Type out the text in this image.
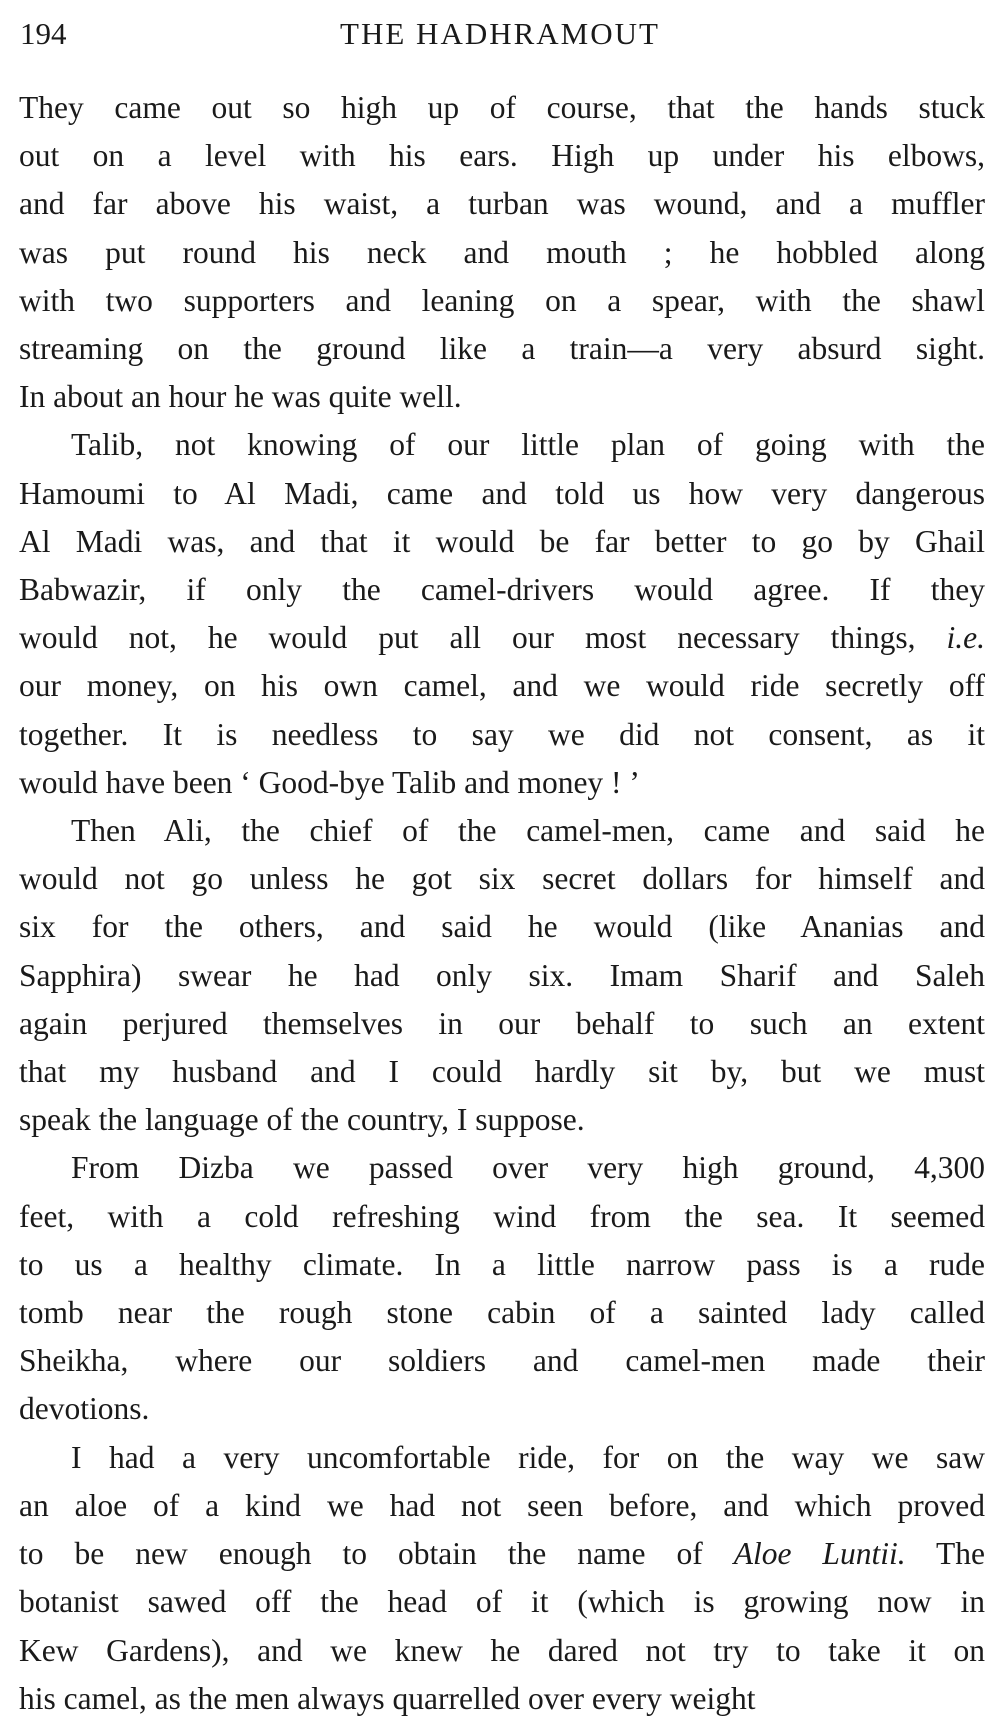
194	THE HADHRAMOUT
They came out so high up of course, that the hands stuck
out on a level with his ears. High up under his elbows,
and far above his waist, a turban was wound, and a muffler
was put round his neck and mouth ; he hobbled along
with two supporters and leaning on a spear, with the shawl
streaming on the ground like a train—a very absurd sight.
In about an hour he was quite well.
Talib, not knowing of our little plan of going with the
Hamoumi to Al Madi, came and told us how very dangerous
Al Madi was, and that it would be far better to go by Ghail
Babwazir, if only the camel-drivers would agree. If they
would not, he would put all our most necessary things, i.e.
our money, on his own camel, and we would ride secretly off
together. It is needless to say we did not consent, as it
would have been ‘ Good-bye Talib and money ! ’
Then Ali, the chief of the camel-men, came and said he
would not go unless he got six secret dollars for himself and
six for the others, and said he would (like Ananias and
Sapphira) swear he had only six. Imam Sharif and Saleh
again perjured themselves in our behalf to such an extent
that my husband and I could hardly sit by, but we must
speak the language of the country, I suppose.
From Dizba we passed over very high ground, 4,300
feet, with a cold refreshing wind from the sea. It seemed
to us a healthy climate. In a little narrow pass is a rude
tomb near the rough stone cabin of a sainted lady called
Sheikha, where our soldiers and camel-men made their
devotions.
I had a very uncomfortable ride, for on the way we saw
an aloe of a kind we had not seen before, and which proved
to be new enough to obtain the name of Aloe Luntii. The
botanist sawed off the head of it (which is growing now in
Kew Gardens), and we knew he dared not try to take it on
his camel, as the men always quarrelled over every weight
